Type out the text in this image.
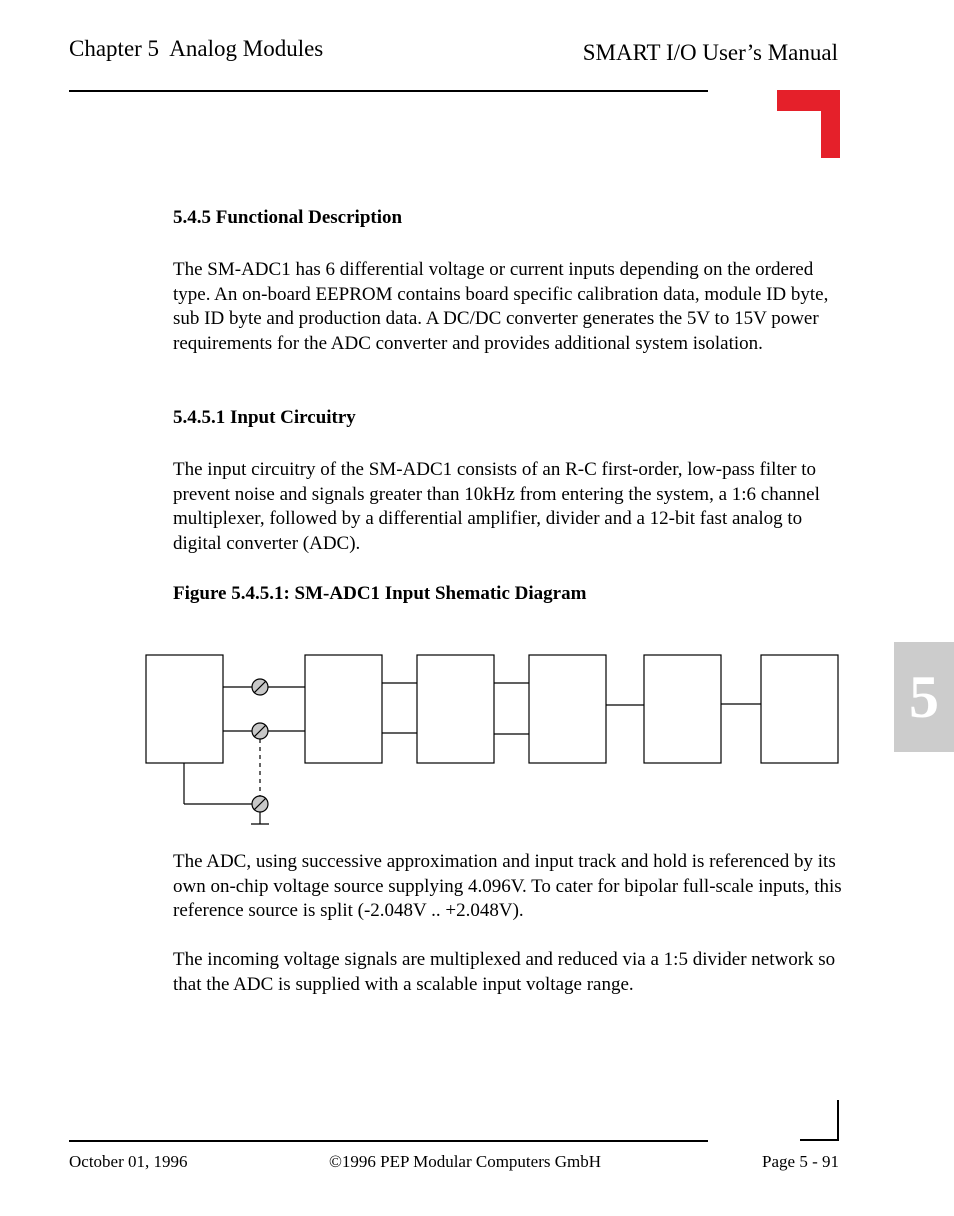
Chapter 5  Analog Modules	SMART I/O User’s Manual
5.4.5 Functional Description
The SM-ADC1 has 6 differential voltage or current inputs depending on the ordered type. An on-board EEPROM contains board specific calibration data, module ID byte, sub ID byte and production data. A DC/DC converter generates the 5V to 15V power requirements for the ADC converter and provides additional system isolation.
5.4.5.1 Input Circuitry
The input circuitry of the SM-ADC1 consists of an R-C first-order, low-pass filter to prevent noise and signals greater than 10kHz from entering the system, a 1:6 channel multiplexer, followed by a differential amplifier, divider and a 12-bit fast analog to digital converter (ADC).
Figure 5.4.5.1: SM-ADC1 Input Shematic Diagram
The ADC, using successive approximation and input track and hold is referenced by its own on-chip voltage source supplying 4.096V. To cater for bipolar full-scale inputs, this reference source is split (-2.048V .. +2.048V).
The incoming voltage signals are multiplexed and reduced via a 1:5 divider network so that the ADC is supplied with a scalable input voltage range.
5
October 01, 1996	©1996 PEP Modular Computers GmbH	Page 5 - 91
